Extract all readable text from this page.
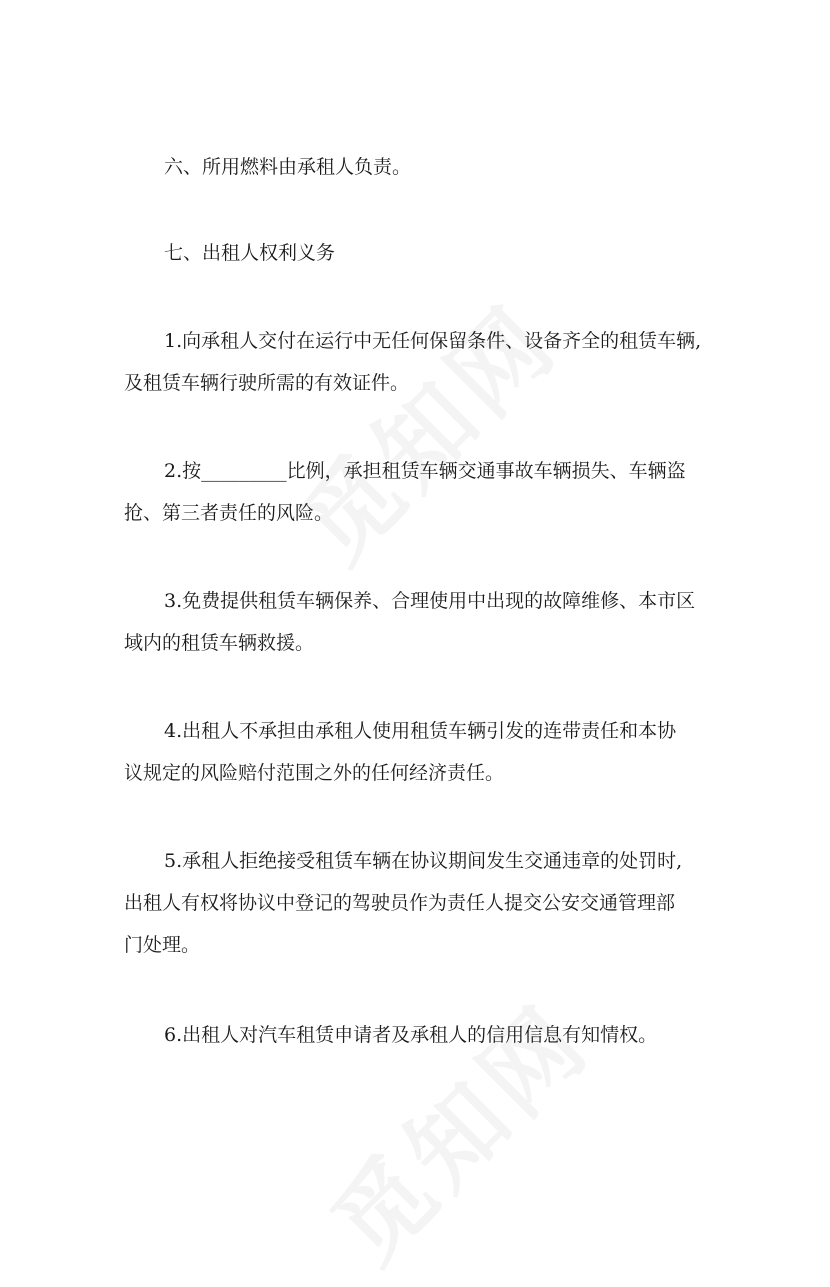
六、所用燃料由承租人负责。

七、出租人权利义务

1.向承租人交付在运行中无任何保留条件、设备齐全的租赁车辆,
及租赁车辆行驶所需的有效证件。

2.按_________比例，承担租赁车辆交通事故车辆损失、车辆盗
抢、第三者责任的风险。

3.免费提供租赁车辆保养、合理使用中出现的故障维修、本市区
域内的租赁车辆救援。

4.出租人不承担由承租人使用租赁车辆引发的连带责任和本协
议规定的风险赔付范围之外的任何经济责任。

5.承租人拒绝接受租赁车辆在协议期间发生交通违章的处罚时,
出租人有权将协议中登记的驾驶员作为责任人提交公安交通管理部
门处理。

6.出租人对汽车租赁申请者及承租人的信用信息有知情权。
